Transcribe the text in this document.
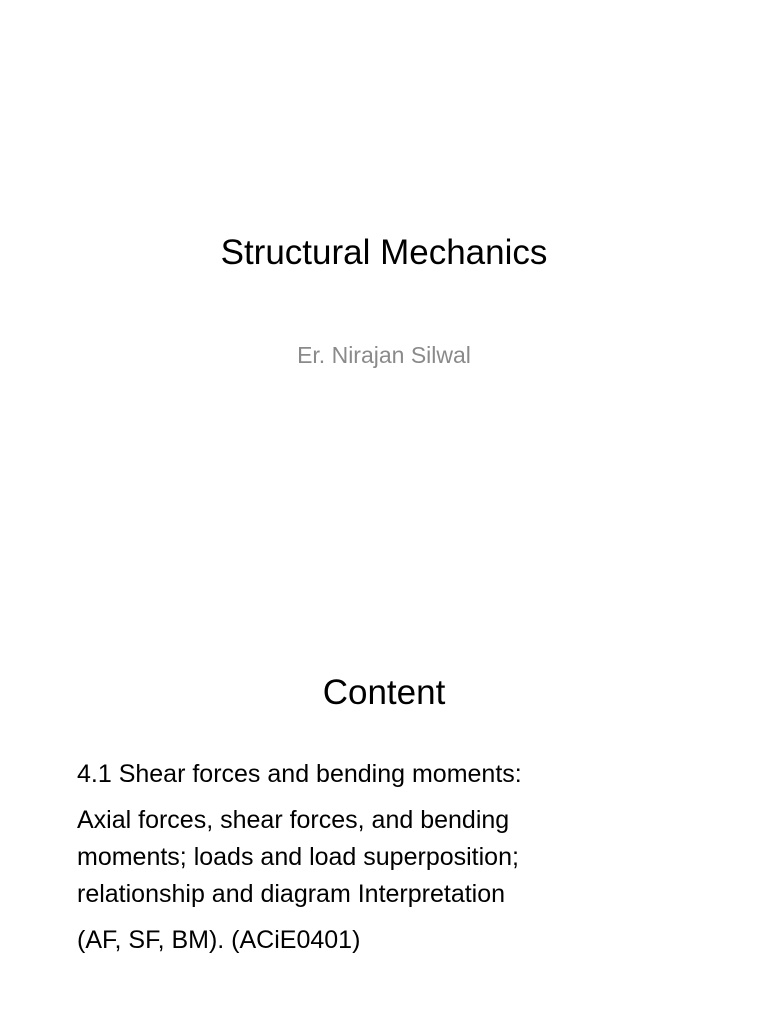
Structural Mechanics
Er. Nirajan Silwal
Content

4.1 Shear forces and bending moments:

Axial forces, shear forces, and bending
moments; loads and load superposition;
relationship and diagram Interpretation

(AF, SF, BM). (ACiE0401)
